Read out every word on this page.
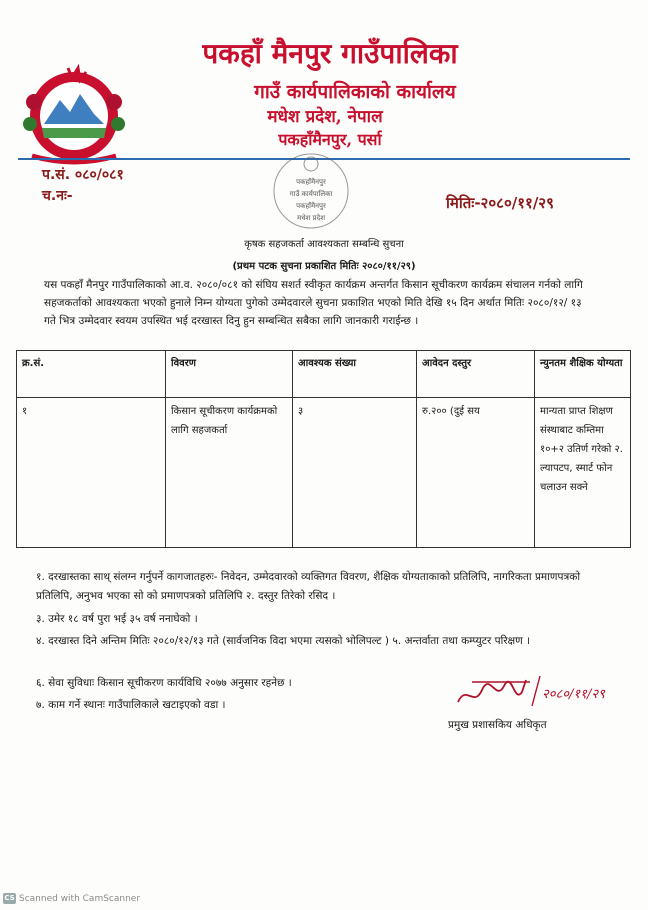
पकहाँ मैनपुर गाउँपालिका
गाउँ कार्यपालिकाको कार्यालय
मधेश प्रदेश, नेपाल
पकहाँमैनपुर, पर्सा
प.सं. ०८०/०८१
च.नः-	मितिः-२०८०/११/२९
पकहाँमैनपुर
गाउँ कार्यपालिका
पकहाँमैनपुर
मधेश प्रदेश
कृषक सहजकर्ता आवश्यकता सम्बन्धि सुचना
(प्रथम पटक सुचना प्रकाशित मितिः २०८०/११/२९)
यस पकहाँ मैनपुर गाउँपालिकाको आ.व. २०८०/०८१ को संघिय सशर्त स्वीकृत कार्यक्रम अन्तर्गत किसान सूचीकरण कार्यक्रम संचालन गर्नको लागि सहजकर्ताको आवश्यकता भएको हुनाले निम्न योग्यता पुगेको उम्मेदवारले सुचना प्रकाशित भएको मिति देखि १५ दिन अर्थात मितिः २०८०/१२/ १३ गते भित्र उम्मेदवार स्वयम उपस्थित भई दरखास्त दिनु हुन सम्बन्धित सबैका लागि जानकारी गराईन्छ ।
क्र.सं.	विवरण	आवश्यक संख्या	आवेदन दस्तुर	न्युनतम शैक्षिक योग्यता
१	किसान सूचीकरण कार्यक्रमको लागि सहजकर्ता	३	रु.२०० (दुई सय	मान्यता प्राप्त शिक्षण संस्थाबाट कम्तिमा १०+२ उतिर्ण गरेको २. ल्यापटप, स्मार्ट फोन चलाउन सक्ने
१. दरखास्तका साथ् संलग्न गर्नुपर्ने कागजातहरुः- निवेदन, उम्मेदवारको व्यक्तिगत विवरण, शैक्षिक योग्यताकाको प्रतिलिपि, नागरिकता प्रमाणपत्रको प्रतिलिपि, अनुभव भएका सो को प्रमाणपत्रको प्रतिलिपि २. दस्तुर तिरेको रसिद ।
३. उमेर १८ वर्ष पुरा भई ३५ वर्ष ननाघेको ।
४. दरखास्त दिने अन्तिम मितिः २०८०/१२/१३ गते (सार्वजनिक विदा भएमा त्यसको भोलिपल्ट ) ५. अन्तर्वाता तथा कम्प्युटर परिक्षण ।
६. सेवा सुविधाः किसान सूचीकरण कार्यविधि २०७७ अनुसार रहनेछ ।
७. काम गर्ने स्थानः गाउँपालिकाले खटाइएको वडा ।
२०८०/११/२९
प्रमुख प्रशासकिय अधिकृत
CS Scanned with CamScanner
